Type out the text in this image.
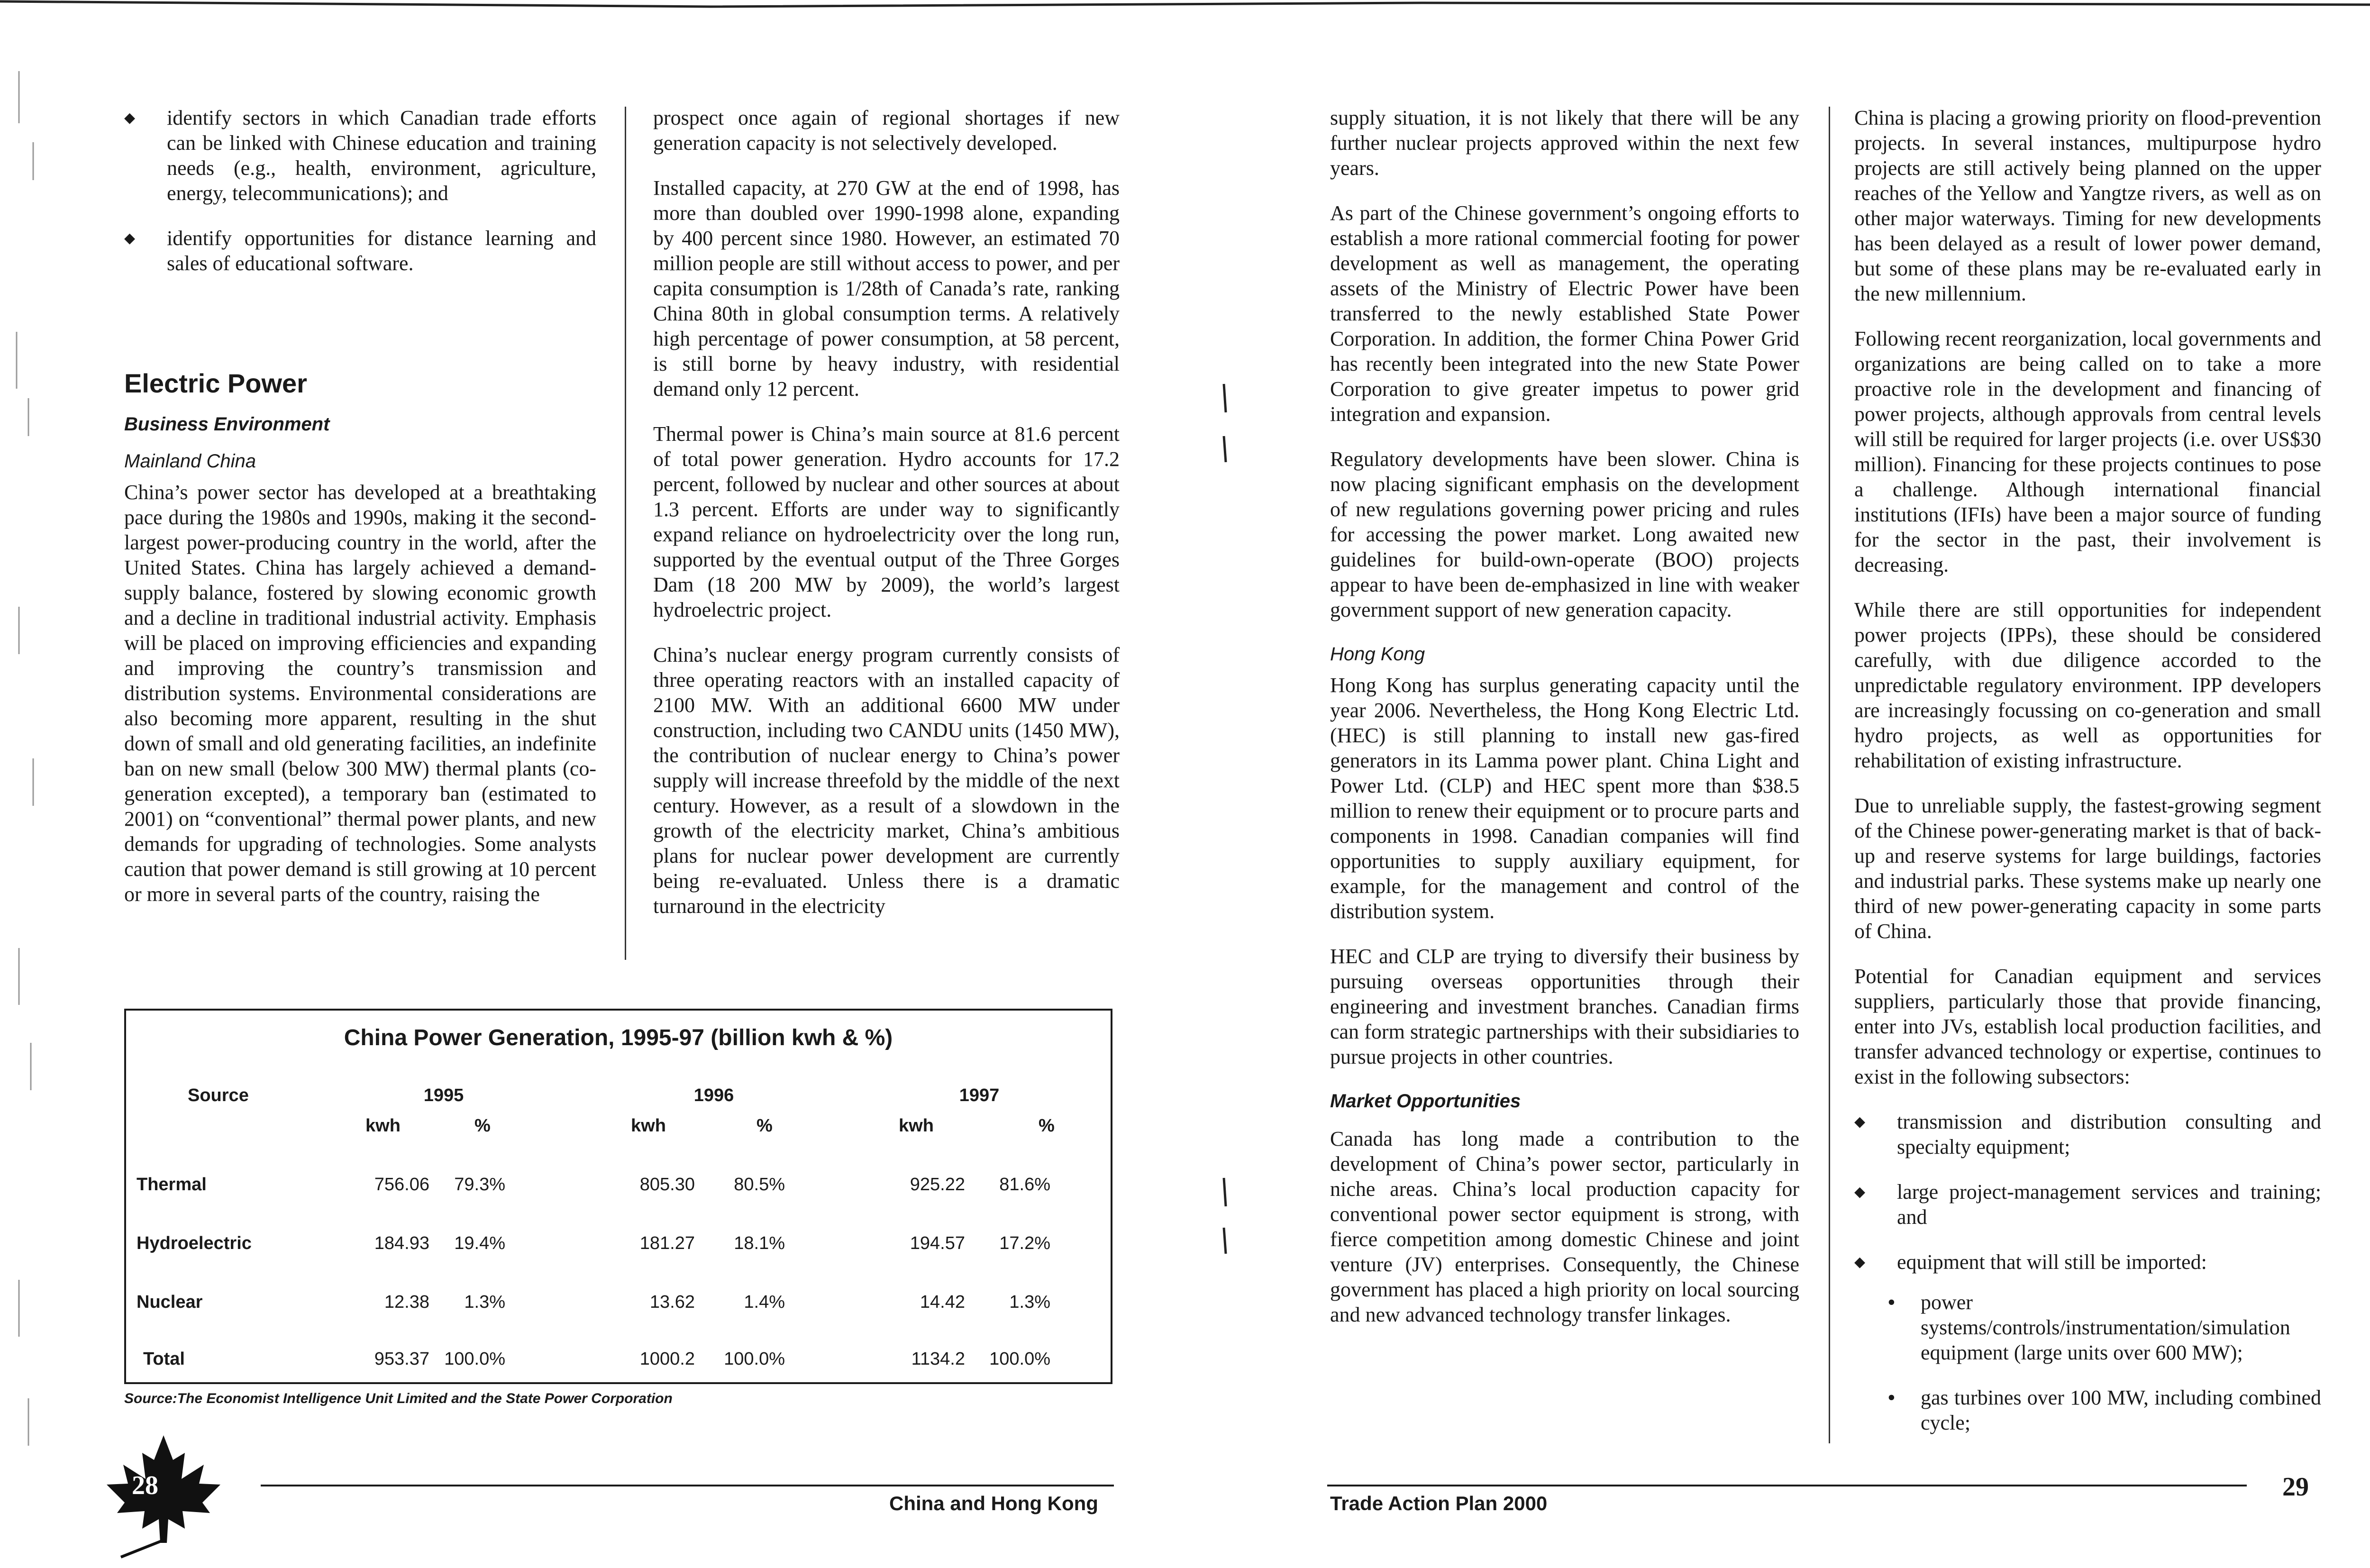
◆ identify sectors in which Canadian trade efforts can be linked with Chinese education and training needs (e.g., health, environment, agriculture, energy, telecommunications); and
◆ identify opportunities for distance learning and sales of educational software.
Electric Power
Business Environment
Mainland China

China’s power sector has developed at a breathtaking pace during the 1980s and 1990s, making it the second-largest power-producing country in the world, after the United States. China has largely achieved a demand-supply balance, fostered by slowing economic growth and a decline in traditional industrial activity. Emphasis will be placed on improving efficiencies and expanding and improving the country’s transmission and distribution systems. Environmental considerations are also becoming more apparent, resulting in the shut down of small and old generating facilities, an indefinite ban on new small (below 300 MW) thermal plants (co-generation excepted), a temporary ban (estimated to 2001) on “conventional” thermal power plants, and new demands for upgrading of technologies. Some analysts caution that power demand is still growing at 10 percent or more in several parts of the country, raising the

prospect once again of regional shortages if new generation capacity is not selectively developed.

Installed capacity, at 270 GW at the end of 1998, has more than doubled over 1990-1998 alone, expanding by 400 percent since 1980. However, an estimated 70 million people are still without access to power, and per capita consumption is 1/28th of Canada’s rate, ranking China 80th in global consumption terms. A relatively high percentage of power consumption, at 58 percent, is still borne by heavy industry, with residential demand only 12 percent.

Thermal power is China’s main source at 81.6 percent of total power generation. Hydro accounts for 17.2 percent, followed by nuclear and other sources at about 1.3 percent. Efforts are under way to significantly expand reliance on hydroelectricity over the long run, supported by the eventual output of the Three Gorges Dam (18 200 MW by 2009), the world’s largest hydroelectric project.

China’s nuclear energy program currently consists of three operating reactors with an installed capacity of 2100 MW. With an additional 6600 MW under construction, including two CANDU units (1450 MW), the contribution of nuclear energy to China’s power supply will increase threefold by the middle of the next century. However, as a result of a slowdown in the growth of the electricity market, China’s ambitious plans for nuclear power development are currently being re-evaluated. Unless there is a dramatic turnaround in the electricity

China Power Generation, 1995-97 (billion kwh & %)
Source	1995	1996	1997
kwh	%	kwh	%	kwh	%
Thermal	756.06	79.3%	805.30	80.5%	925.22	81.6%
Hydroelectric	184.93	19.4%	181.27	18.1%	194.57	17.2%
Nuclear	12.38	1.3%	13.62	1.4%	14.42	1.3%
Total	953.37 100.0%	1000.2 100.0%	1134.2 100.0%
Source:The Economist Intelligence Unit Limited and the State Power Corporation

supply situation, it is not likely that there will be any further nuclear projects approved within the next few years.

As part of the Chinese government’s ongoing efforts to establish a more rational commercial footing for power development as well as management, the operating assets of the Ministry of Electric Power have been transferred to the newly established State Power Corporation. In addition, the former China Power Grid has recently been integrated into the new State Power Corporation to give greater impetus to power grid integration and expansion.

Regulatory developments have been slower. China is now placing significant emphasis on the development of new regulations governing power pricing and rules for accessing the power market. Long awaited new guidelines for build-own-operate (BOO) projects appear to have been de-emphasized in line with weaker government support of new generation capacity.

Hong Kong

Hong Kong has surplus generating capacity until the year 2006. Nevertheless, the Hong Kong Electric Ltd. (HEC) is still planning to install new gas-fired generators in its Lamma power plant. China Light and Power Ltd. (CLP) and HEC spent more than $38.5 million to renew their equipment or to procure parts and components in 1998. Canadian companies will find opportunities to supply auxiliary equipment, for example, for the management and control of the distribution system.

HEC and CLP are trying to diversify their business by pursuing overseas opportunities through their engineering and investment branches. Canadian firms can form strategic partnerships with their subsidiaries to pursue projects in other countries.

Market Opportunities

Canada has long made a contribution to the development of China’s power sector, particularly in niche areas. China’s local production capacity for conventional power sector equipment is strong, with fierce competition among domestic Chinese and joint venture (JV) enterprises. Consequently, the Chinese government has placed a high priority on local sourcing and new advanced technology transfer linkages.

China is placing a growing priority on flood-prevention projects. In several instances, multipurpose hydro projects are still actively being planned on the upper reaches of the Yellow and Yangtze rivers, as well as on other major waterways. Timing for new developments has been delayed as a result of lower power demand, but some of these plans may be re-evaluated early in the new millennium.

Following recent reorganization, local governments and organizations are being called on to take a more proactive role in the development and financing of power projects, although approvals from central levels will still be required for larger projects (i.e. over US$30 million). Financing for these projects continues to pose a challenge. Although international financial institutions (IFIs) have been a major source of funding for the sector in the past, their involvement is decreasing.

While there are still opportunities for independent power projects (IPPs), these should be considered carefully, with due diligence accorded to the unpredictable regulatory environment. IPP developers are increasingly focussing on co-generation and small hydro projects, as well as opportunities for rehabilitation of existing infrastructure.

Due to unreliable supply, the fastest-growing segment of the Chinese power-generating market is that of back-up and reserve systems for large buildings, factories and industrial parks. These systems make up nearly one third of new power-generating capacity in some parts of China.

Potential for Canadian equipment and services suppliers, particularly those that provide financing, enter into JVs, establish local production facilities, and transfer advanced technology or expertise, continues to exist in the following subsectors:

◆ transmission and distribution consulting and specialty equipment;
◆ large project-management services and training; and
◆ equipment that will still be imported:
• power systems/controls/instrumentation/simulation equipment (large units over 600 MW);
• gas turbines over 100 MW, including combined cycle;
28
China and Hong Kong	Trade Action Plan 2000
29
